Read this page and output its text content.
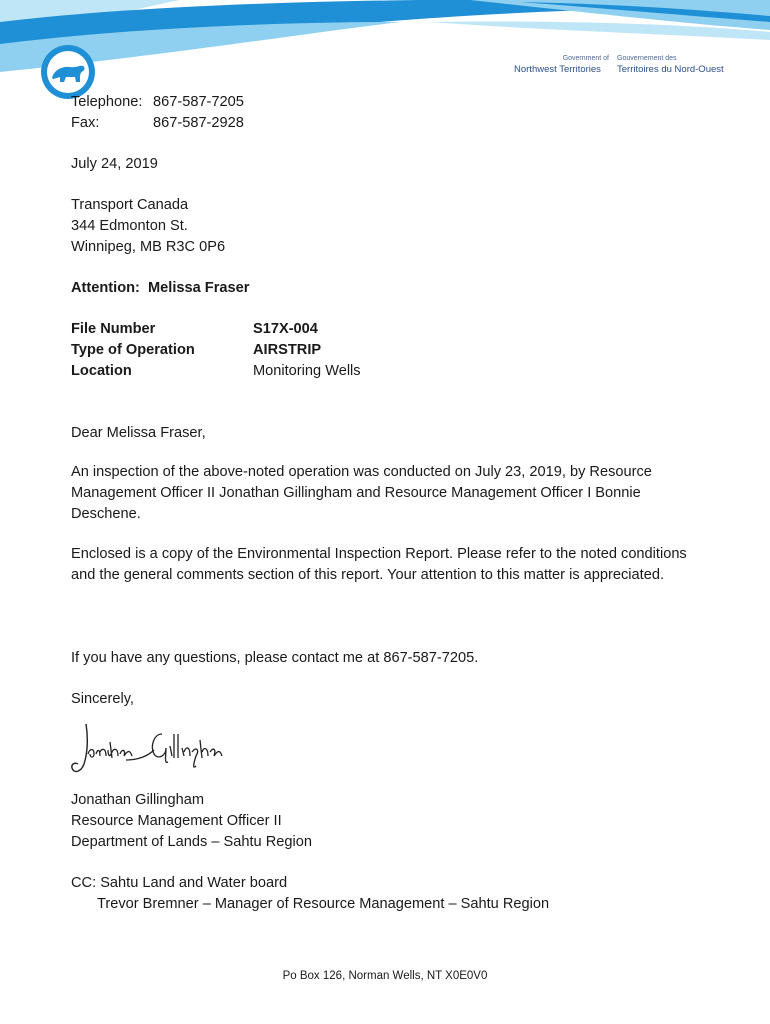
Government of
Northwest Territories
Gouvernement des
Territoires du Nord-Ouest
Telephone: 867-587-7205
Fax:	867-587-2928
July 24, 2019
Transport Canada
344 Edmonton St.
Winnipeg, MB R3C 0P6
Attention: Melissa Fraser
File Number	S17X-004
Type of Operation	AIRSTRIP
Location	Monitoring Wells
Dear Melissa Fraser,
An inspection of the above-noted operation was conducted on July 23, 2019, by Resource Management Officer II Jonathan Gillingham and Resource Management Officer I Bonnie Deschene.
Enclosed is a copy of the Environmental Inspection Report. Please refer to the noted conditions and the general comments section of this report. Your attention to this matter is appreciated.
If you have any questions, please contact me at 867-587-7205.
Sincerely,
Jonathan Gillingham
Resource Management Officer II
Department of Lands – Sahtu Region
CC: Sahtu Land and Water board
Trevor Bremner – Manager of Resource Management – Sahtu Region
Po Box 126, Norman Wells, NT X0E0V0
